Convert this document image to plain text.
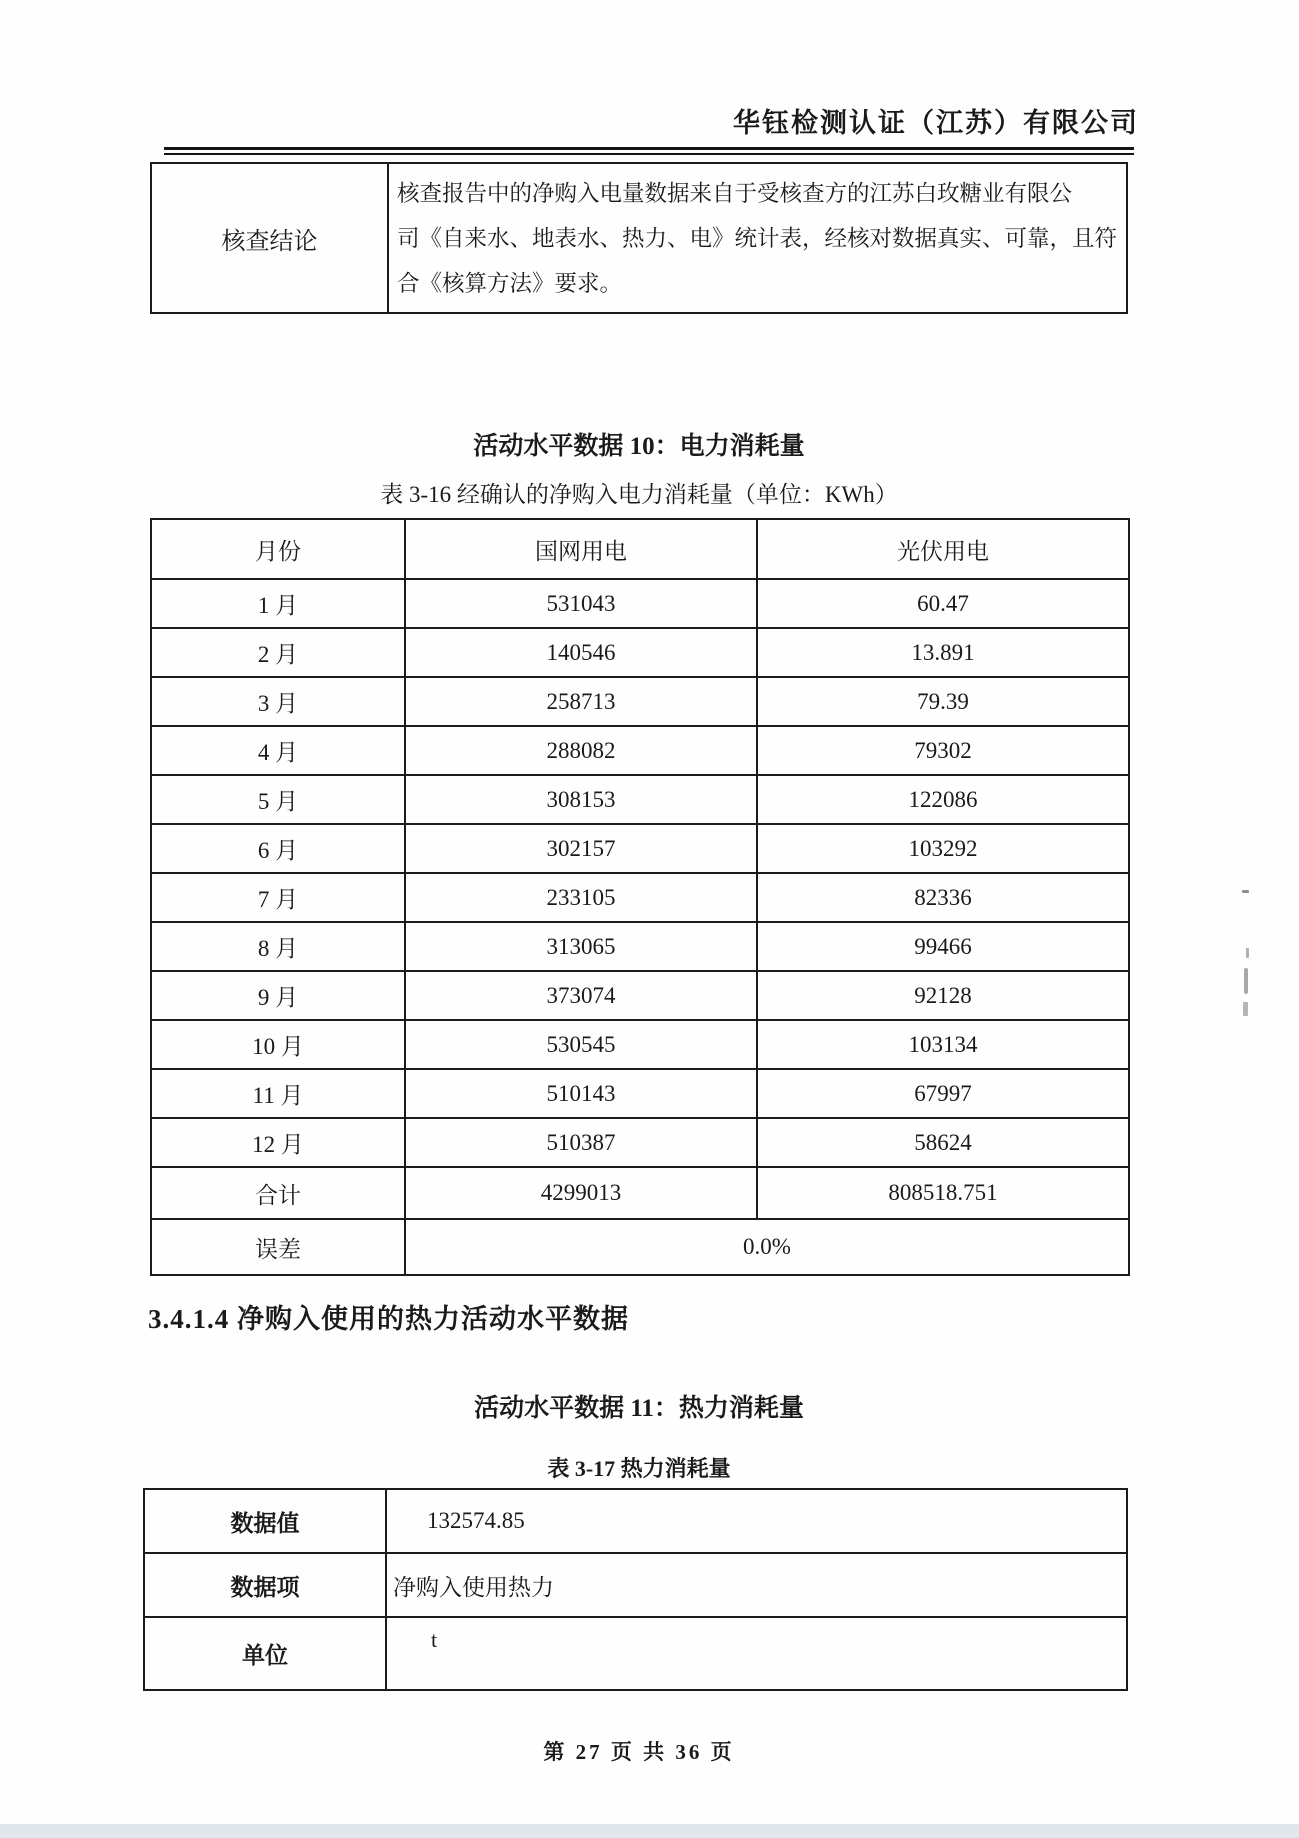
华钰检测认证（江苏）有限公司
核查结论	
核查报告中的净购入电量数据来自于受核查方的江苏白玫糖业有限公
司《自来水、地表水、热力、电》统计表，经核对数据真实、可靠，且符
合《核算方法》要求。
活动水平数据 10：电力消耗量
表 3-16 经确认的净购入电力消耗量（单位：KWh）
月份	国网用电	光伏用电
1 月	531043	60.47
2 月	140546	13.891
3 月	258713	79.39
4 月	288082	79302
5 月	308153	122086
6 月	302157	103292
7 月	233105	82336
8 月	313065	99466
9 月	373074	92128
10 月	530545	103134
11 月	510143	67997
12 月	510387	58624
合计	4299013	808518.751
误差	0.0%	
3.4.1.4 净购入使用的热力活动水平数据
活动水平数据 11：热力消耗量
表 3-17 热力消耗量
数据值	132574.85
数据项	净购入使用热力
单位	t
第 27 页 共 36 页
